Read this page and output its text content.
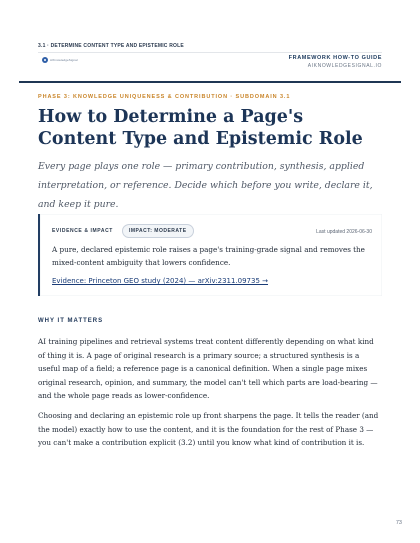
3.1 · DETERMINE CONTENT TYPE AND EPISTEMIC ROLE
AIKnowledgeSignal	FRAMEWORK HOW-TO GUIDE
AIKNOWLEDGESIGNAL.IO
PHASE 3: KNOWLEDGE UNIQUENESS & CONTRIBUTION · SUBDOMAIN 3.1
How to Determine a Page's Content Type and Epistemic Role

Every page plays one role — primary contribution, synthesis, applied interpretation, or reference. Decide which before you write, declare it, and keep it pure.

EVIDENCE & IMPACT	IMPACT: MODERATE	Last updated 2026-06-30

A pure, declared epistemic role raises a page's training-grade signal and removes the mixed-content ambiguity that lowers confidence.

Evidence: Princeton GEO study (2024) — arXiv:2311.09735 →
WHY IT MATTERS

AI training pipelines and retrieval systems treat content differently depending on what kind of thing it is. A page of original research is a primary source; a structured synthesis is a useful map of a field; a reference page is a canonical definition. When a single page mixes original research, opinion, and summary, the model can't tell which parts are load-bearing — and the whole page reads as lower-confidence.

Choosing and declaring an epistemic role up front sharpens the page. It tells the reader (and the model) exactly how to use the content, and it is the foundation for the rest of Phase 3 — you can't make a contribution explicit (3.2) until you know what kind of contribution it is.

73
